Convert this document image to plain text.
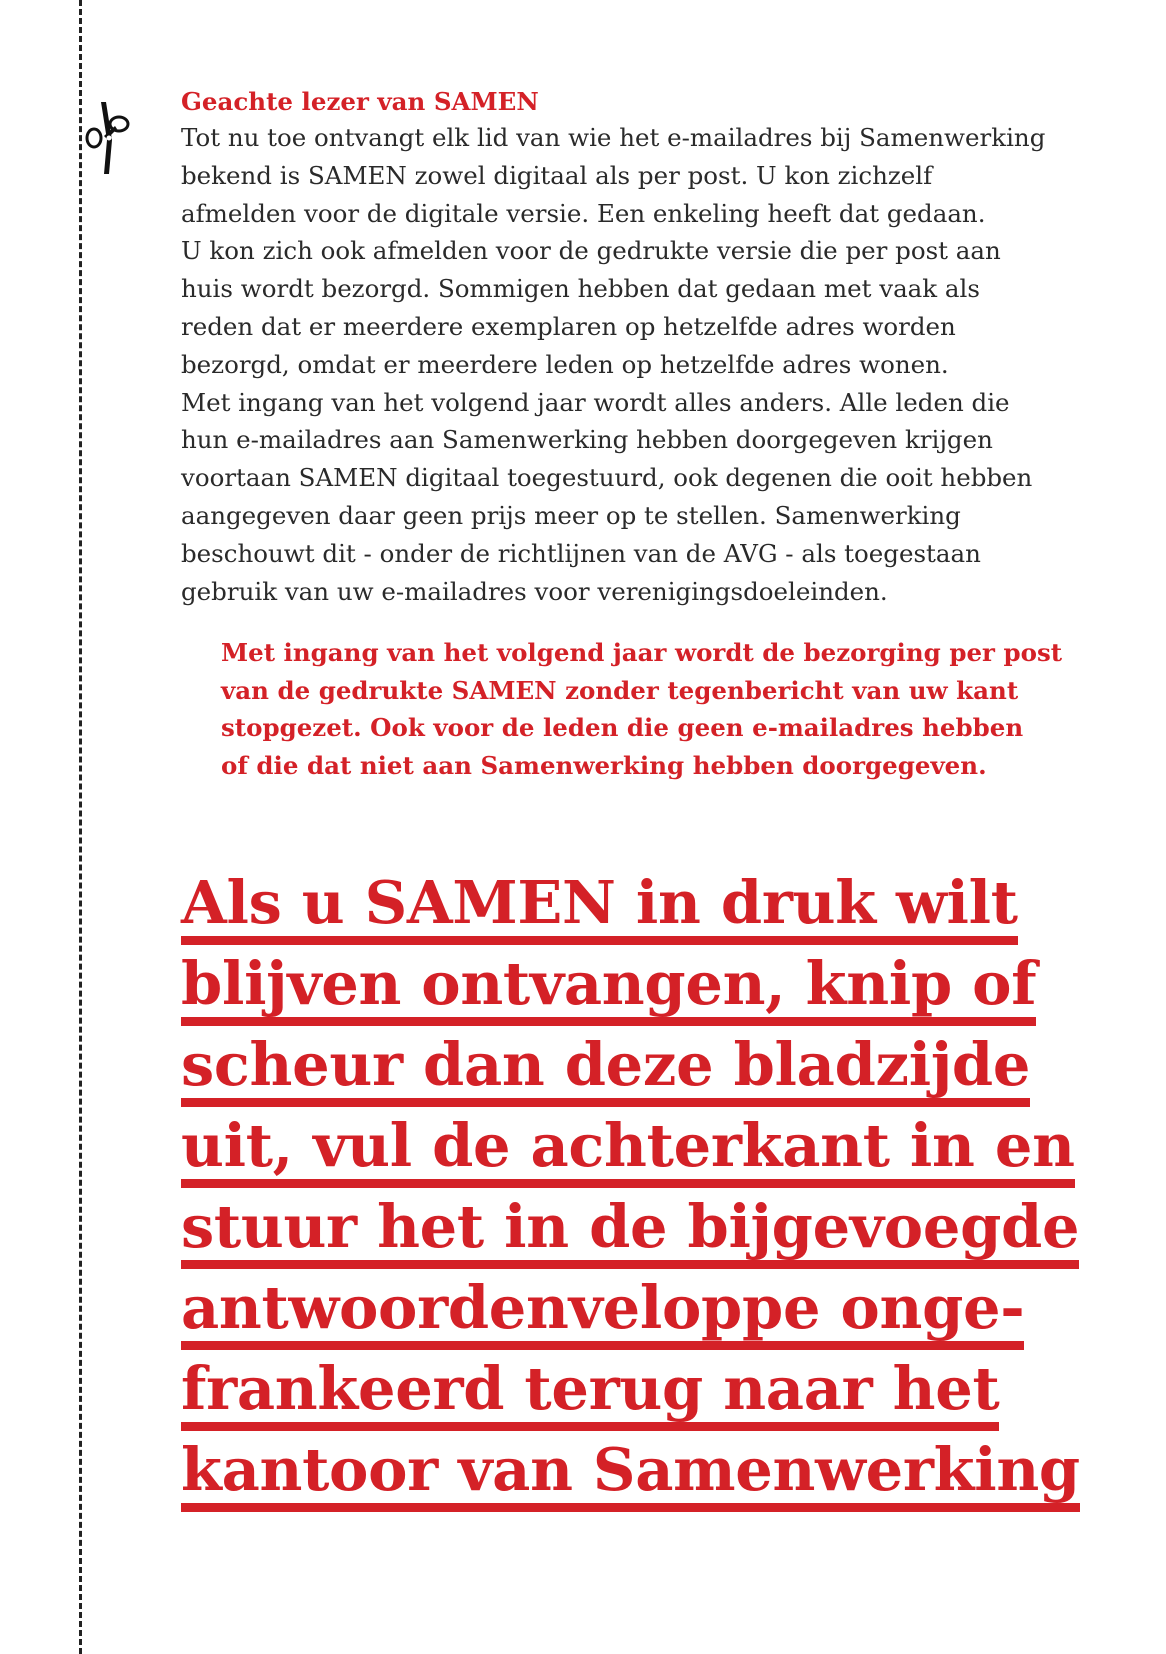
Geachte lezer van SAMEN

Tot nu toe ontvangt elk lid van wie het e-mailadres bij Samenwerking

bekend is SAMEN zowel digitaal als per post. U kon zichzelf

afmelden voor de digitale versie. Een enkeling heeft dat gedaan.

U kon zich ook afmelden voor de gedrukte versie die per post aan

huis wordt bezorgd. Sommigen hebben dat gedaan met vaak als

reden dat er meerdere exemplaren op hetzelfde adres worden

bezorgd, omdat er meerdere leden op hetzelfde adres wonen.

Met ingang van het volgend jaar wordt alles anders. Alle leden die

hun e-mailadres aan Samenwerking hebben doorgegeven krijgen

voortaan SAMEN digitaal toegestuurd, ook degenen die ooit hebben

aangegeven daar geen prijs meer op te stellen. Samenwerking

beschouwt dit - onder de richtlijnen van de AVG - als toegestaan

gebruik van uw e-mailadres voor verenigingsdoeleinden.

Met ingang van het volgend jaar wordt de bezorging per post

van de gedrukte SAMEN zonder tegenbericht van uw kant

stopgezet. Ook voor de leden die geen e-mailadres hebben

of die dat niet aan Samenwerking hebben doorgegeven.

Als u SAMEN in druk wilt

blijven ontvangen, knip of

scheur dan deze bladzijde

uit, vul de achterkant in en

stuur het in de bijgevoegde

antwoordenveloppe onge-

frankeerd terug naar het

kantoor van Samenwerking
